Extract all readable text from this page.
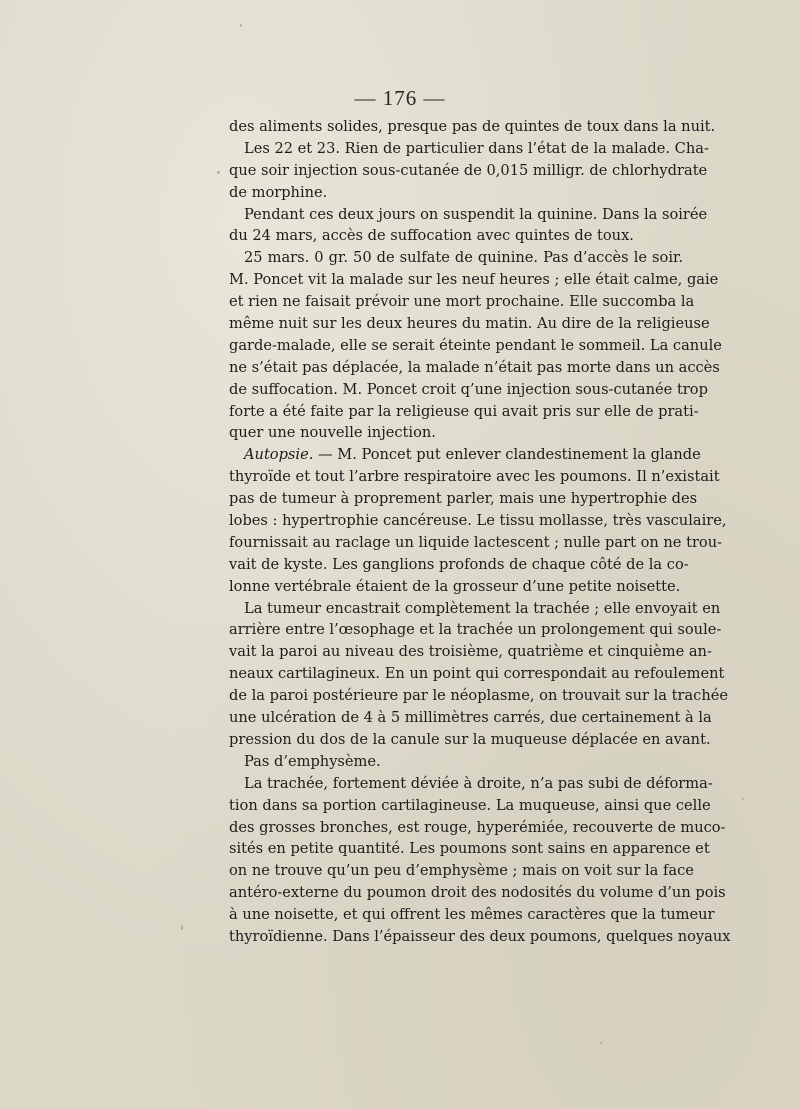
— 176 —
des aliments solides, presque pas de quintes de toux dans la nuit.
Les 22 et 23. Rien de particulier dans l’état de la malade. Cha-
que soir injection sous-cutanée de 0,015 milligr. de chlorhydrate
de morphine.
Pendant ces deux jours on suspendit la quinine. Dans la soirée
du 24 mars, accès de suffocation avec quintes de toux.
25 mars. 0 gr. 50 de sulfate de quinine. Pas d’accès le soir.
M. Poncet vit la malade sur les neuf heures ; elle était calme, gaie
et rien ne faisait prévoir une mort prochaine. Elle succomba la
même nuit sur les deux heures du matin. Au dire de la religieuse
garde-malade, elle se serait éteinte pendant le sommeil. La canule
ne s’était pas déplacée, la malade n’était pas morte dans un accès
de suffocation. M. Poncet croit q’une injection sous-cutanée trop
forte a été faite par la religieuse qui avait pris sur elle de prati-
quer une nouvelle injection.
Autopsie. — M. Poncet put enlever clandestinement la glande
thyroïde et tout l’arbre respiratoire avec les poumons. Il n’existait
pas de tumeur à proprement parler, mais une hypertrophie des
lobes : hypertrophie cancéreuse. Le tissu mollasse, très vasculaire,
fournissait au raclage un liquide lactescent ; nulle part on ne trou-
vait de kyste. Les ganglions profonds de chaque côté de la co-
lonne vertébrale étaient de la grosseur d’une petite noisette.
La tumeur encastrait complètement la trachée ; elle envoyait en
arrière entre l’œsophage et la trachée un prolongement qui soule-
vait la paroi au niveau des troisième, quatrième et cinquième an-
neaux cartilagineux. En un point qui correspondait au refoulement
de la paroi postérieure par le néoplasme, on trouvait sur la trachée
une ulcération de 4 à 5 millimètres carrés, due certainement à la
pression du dos de la canule sur la muqueuse déplacée en avant.
Pas d’emphysème.
La trachée, fortement déviée à droite, n’a pas subi de déforma-
tion dans sa portion cartilagineuse. La muqueuse, ainsi que celle
des grosses bronches, est rouge, hyperémiée, recouverte de muco-
sités en petite quantité. Les poumons sont sains en apparence et
on ne trouve qu’un peu d’emphysème ; mais on voit sur la face
antéro-externe du poumon droit des nodosités du volume d’un pois
à une noisette, et qui offrent les mêmes caractères que la tumeur
thyroïdienne. Dans l’épaisseur des deux poumons, quelques noyaux
